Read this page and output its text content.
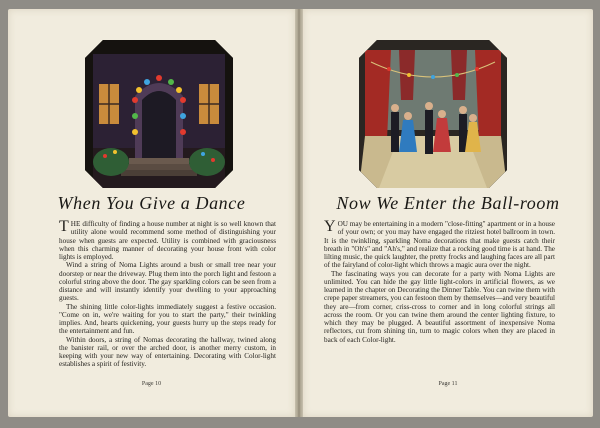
When You Give a Dance

THE difficulty of finding a house number at night is so well known that utility alone would recommend some method of distinguishing your house when guests are expected. Utility is combined with graciousness when this charming manner of decorating your house front with color lights is employed.

Wind a string of Noma Lights around a bush or small tree near your doorstep or near the driveway. Plug them into the porch light and festoon a colorful string above the door. The gay sparkling colors can be seen from a distance and will instantly identify your dwelling to your approaching guests.

The shining little color-lights immediately suggest a festive occasion. "Come on in, we're waiting for you to start the party," their twinkling implies. And, hearts quickening, your guests hurry up the steps ready for the entertainment and fun.

Within doors, a string of Nomas decorating the hallway, twined along the banister rail, or over the arched door, is another merry custom, in keeping with your new way of entertaining. Decorating with Color-light establishes a spirit of festivity.

Page 10
Now We Enter the Ball-room

YOU may be entertaining in a modern "close-fitting" apartment or in a house of your own; or you may have engaged the ritziest hotel ballroom in town. It is the twinkling, sparkling Noma decorations that make guests catch their breath in "Oh's" and "Ah's," and realize that a rocking good time is at hand. The lilting music, the quick laughter, the pretty frocks and laughing faces are all part of the fairyland of color-light which throws a magic aura over the night.

The fascinating ways you can decorate for a party with Noma Lights are unlimited. You can hide the gay little light-colors in artificial flowers, as we learned in the chapter on Decorating the Dinner Table. You can twine them with crepe paper streamers, you can festoon them by themselves—and very beautiful they are—from corner, criss-cross to corner and in long colorful strings all across the room. Or you can twine them around the center lighting fixture, to which they may be plugged. A beautiful assortment of inexpensive Noma reflectors, cut from shining tin, turn to magic colors when they are placed in back of each Color-light.

Page 11
